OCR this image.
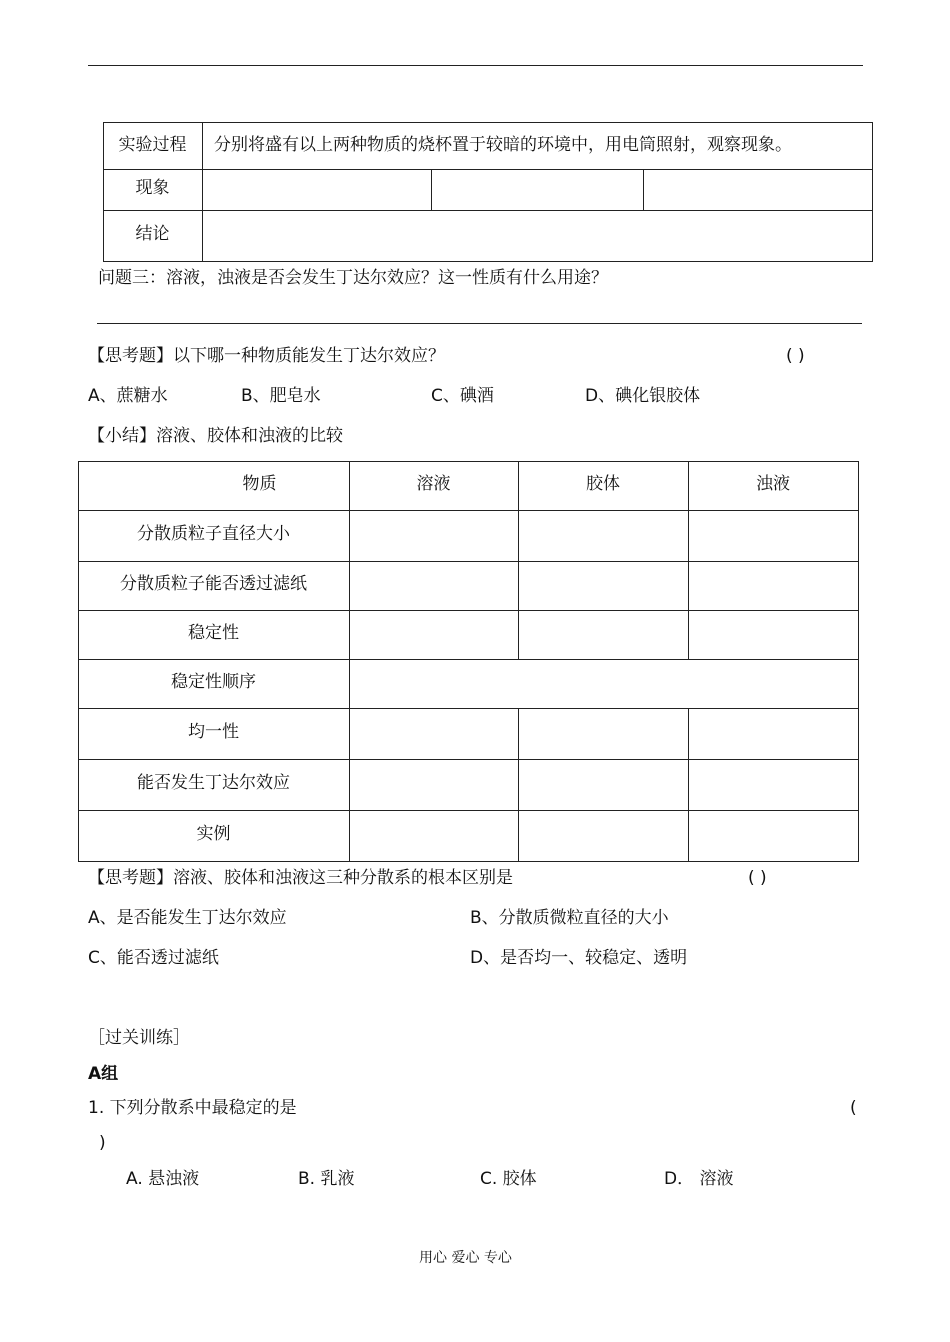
实验过程 分别将盛有以上两种物质的烧杯置于较暗的环境中，用电筒照射，观察现象。
现象
结论
问题三：溶液，浊液是否会发生丁达尔效应？这一性质有什么用途？
【思考题】以下哪一种物质能发生丁达尔效应？	( )
A、蔗糖水	B、肥皂水	C、碘酒	D、碘化银胶体
【小结】溶液、胶体和浊液的比较
物质	溶液	胶体	浊液
分散质粒子直径大小
分散质粒子能否透过滤纸
稳定性
稳定性顺序
均一性
能否发生丁达尔效应
实例
【思考题】溶液、胶体和浊液这三种分散系的根本区别是	( )
A、是否能发生丁达尔效应	B、分散质微粒直径的大小
C、能否透过滤纸	D、是否均一、较稳定、透明
［过关训练］
A组
1. 下列分散系中最稳定的是	(
)
A. 悬浊液	B. 乳液	C. 胶体	D． 溶液
用心 爱心 专心
